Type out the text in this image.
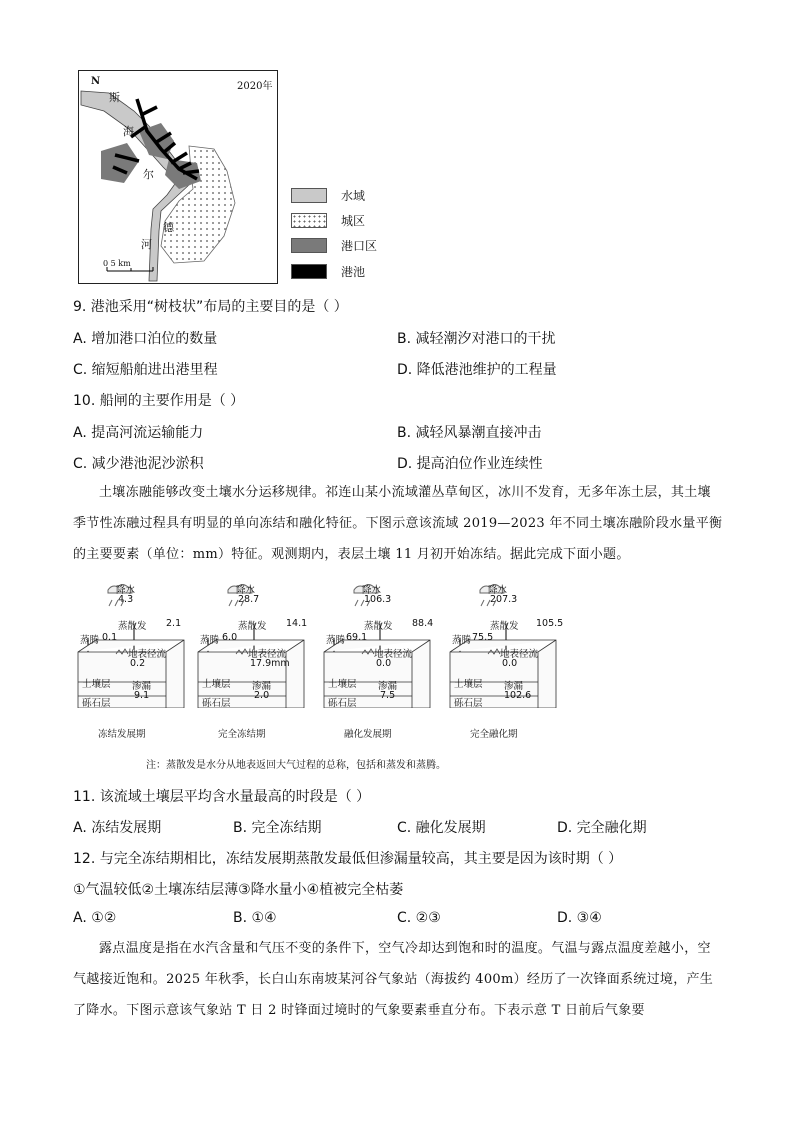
N	2020年
斯
海
尔
德
河
0 5 km
水域
城区
港口区
港池
9. 港池采用“树枝状”布局的主要目的是（ ）
A. 增加港口泊位的数量	B. 减轻潮汐对港口的干扰
C. 缩短船舶进出港里程	D. 降低港池维护的工程量
10. 船闸的主要作用是（ ）
A. 提高河流运输能力	B. 减轻风暴潮直接冲击
C. 减少港池泥沙淤积	D. 提高泊位作业连续性
土壤冻融能够改变土壤水分运移规律。祁连山某小流域灌丛草甸区，冰川不发育，无多年冻土层，其土壤季节性冻融过程具有明显的单向冻结和融化特征。下图示意该流域 2019—2023 年不同土壤冻融阶段水量平衡的主要要素（单位：mm）特征。观测期内，表层土壤 11 月初开始冻结。据此完成下面小题。
降水
4.3
蒸散发 2.1
蒸腾 0.1
地表径流
0.2
土壤层 渗漏
9.1
砾石层
冻结发展期
降水
28.7
蒸散发 14.1
蒸腾 6.0
地表径流
17.9mm
土壤层 渗漏
2.0
砾石层
完全冻结期
降水
106.3
蒸散发 88.4
蒸腾 69.1
地表径流
0.0
土壤层 渗漏
7.5
砾石层
融化发展期
降水
207.3
蒸散发 105.5
蒸腾 75.5
地表径流
0.0
土壤层 渗漏
102.6
砾石层
完全融化期
注：蒸散发是水分从地表返回大气过程的总称，包括和蒸发和蒸腾。
11. 该流域土壤层平均含水量最高的时段是（ ）
A. 冻结发展期	B. 完全冻结期	C. 融化发展期	D. 完全融化期
12. 与完全冻结期相比，冻结发展期蒸散发最低但渗漏量较高，其主要是因为该时期（ ）
①气温较低②土壤冻结层薄③降水量小④植被完全枯萎
A. ①②	B. ①④	C. ②③	D. ③④
露点温度是指在水汽含量和气压不变的条件下，空气冷却达到饱和时的温度。气温与露点温度差越小，空气越接近饱和。2025 年秋季，长白山东南坡某河谷气象站（海拔约 400m）经历了一次锋面系统过境，产生了降水。下图示意该气象站 T 日 2 时锋面过境时的气象要素垂直分布。下表示意 T 日前后气象要
